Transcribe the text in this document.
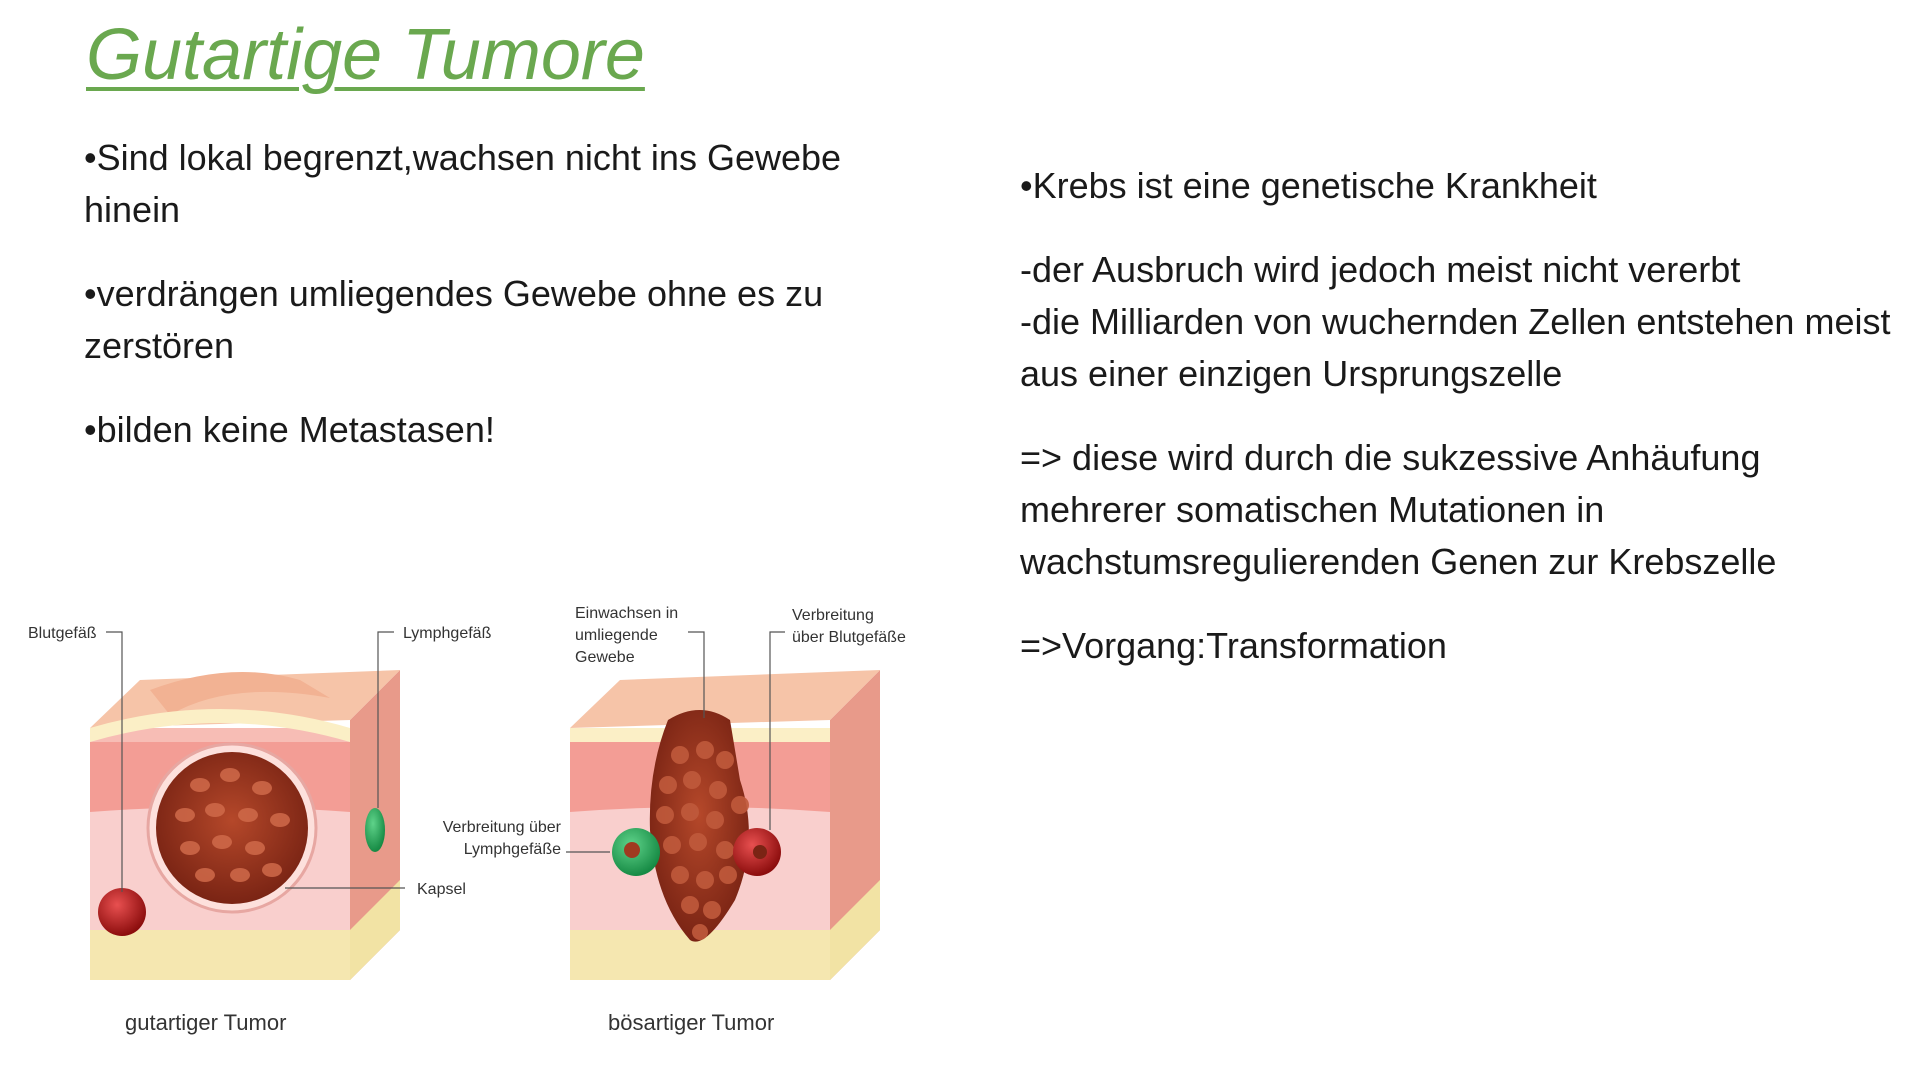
Gutartige Tumore

•Sind lokal begrenzt,wachsen nicht ins Gewebe hinein

•verdrängen umliegendes Gewebe ohne es zu zerstören

•bilden keine Metastasen!

•Krebs ist eine genetische Krankheit

-der Ausbruch wird jedoch meist nicht vererbt
-die Milliarden von wuchernden Zellen entstehen meist aus einer einzigen Ursprungszelle

=> diese wird durch die sukzessive Anhäufung mehrerer somatischen Mutationen in wachstumsregulierenden Genen zur Krebszelle

=>Vorgang:Transformation

Blutgefäß	Lymphgefäß
Kapsel
gutartiger Tumor
Einwachsen in
umliegende
Gewebe
Verbreitung
über Blutgefäße
Verbreitung über
Lymphgefäße
bösartiger Tumor
